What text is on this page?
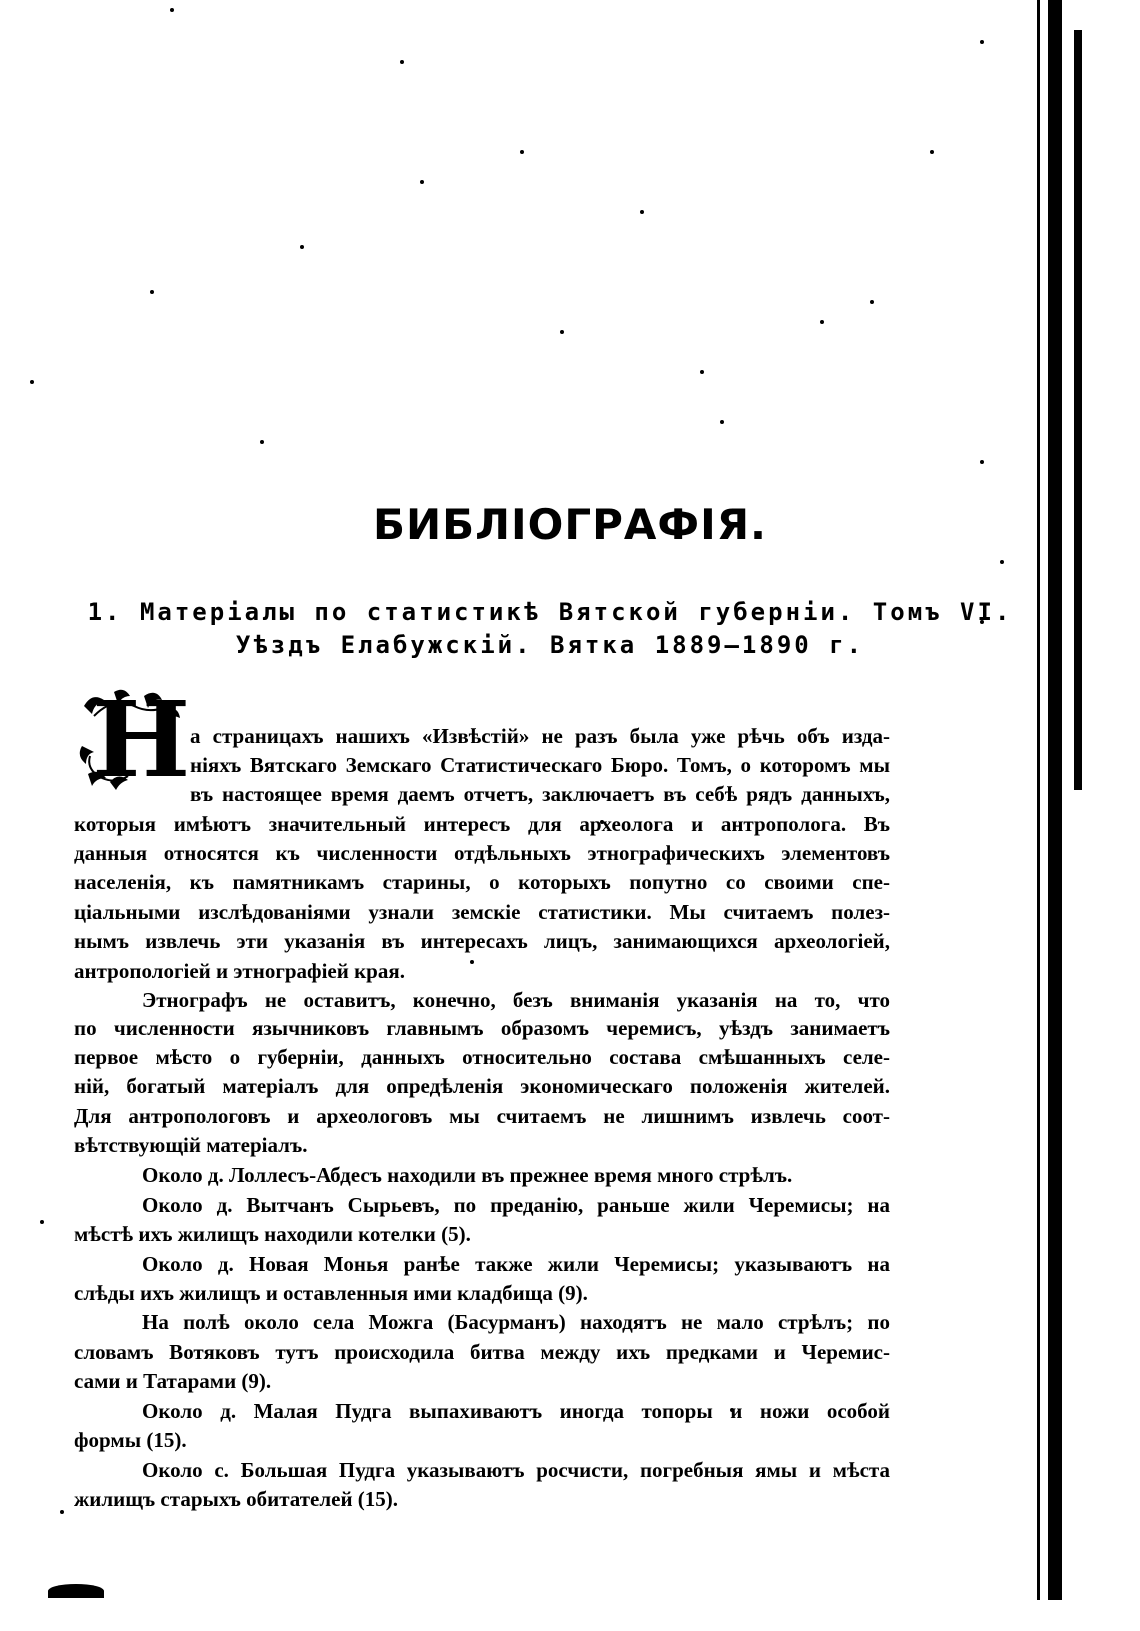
БИБЛIОГРАФIЯ.
1. Матерiалы по статистикѣ Вятской губернiи. Томъ VI.
Уѣздъ Елабужскiй. Вятка 1889—1890 г.
Н а страницахъ нашихъ «Извѣстiй» не разъ была уже рѣчь объ изда-
нiяхъ Вятскаго Земскаго Статистическаго Бюро. Томъ, о которомъ мы
въ настоящее время даемъ отчетъ, заключаетъ въ себѣ рядъ данныхъ,
которыя имѣютъ значительный интересъ для археолога и антрополога. Въ
данныя относятся къ численности отдѣльныхъ этнографическихъ элементовъ
населенiя, къ памятникамъ старины, о которыхъ попутно со своими спе-
цiальными изслѣдованiями узнали земскiе статистики. Мы считаемъ полез-
нымъ извлечь эти указанiя въ интересахъ лицъ, занимающихся археологiей,
антропологiей и этнографiей края.
Этнографъ не оставитъ, конечно, безъ вниманiя указанiя на то, что
по численности язычниковъ главнымъ образомъ черемисъ, уѣздъ занимаетъ
первое мѣсто о губернiи, данныхъ относительно состава смѣшанныхъ селе-
нiй, богатый матерiалъ для опредѣленiя экономическаго положенiя жителей.
Для антропологовъ и археологовъ мы считаемъ не лишнимъ извлечь соот-
вѣтствующiй матерiалъ.
Около д. Лоллесъ-Абдесъ находили въ прежнее время много стрѣлъ.
Около д. Вытчанъ Сырьевъ, по преданiю, раньше жили Черемисы; на
мѣстѣ ихъ жилищъ находили котелки (5).
Около д. Новая Монья ранѣе также жили Черемисы; указываютъ на
слѣды ихъ жилищъ и оставленныя ими кладбища (9).
На полѣ около села Можга (Басурманъ) находятъ не мало стрѣлъ; по
словамъ Вотяковъ тутъ происходила битва между ихъ предками и Черемис-
сами и Татарами (9).
Около д. Малая Пудга выпахиваютъ иногда топоры и ножи особой
формы (15).
Около с. Большая Пудга указываютъ росчисти, погребныя ямы и мѣста
жилищъ старыхъ обитателей (15).
